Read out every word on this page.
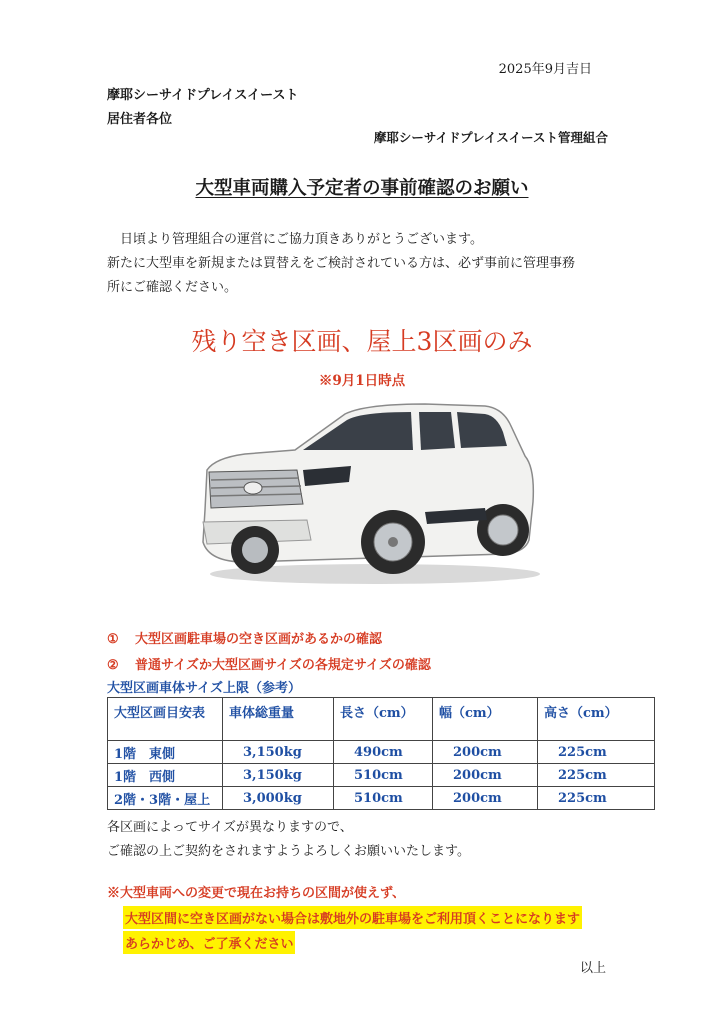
2025年9月吉日
摩耶シーサイドプレイスイースト
居住者各位
摩耶シーサイドプレイスイースト管理組合
大型車両購入予定者の事前確認のお願い

日頃より管理組合の運営にご協力頂きありがとうございます。

新たに大型車を新規または買替えをご検討されている方は、必ず事前に管理事務

所にご確認ください。

残り空き区画、屋上3区画のみ
※9月1日時点
① 大型区画駐車場の空き区画があるかの確認
② 普通サイズか大型区画サイズの各規定サイズの確認
大型区画車体サイズ上限（参考）
大型区画目安表	車体総重量	長さ（cm）	幅（cm）	高さ（cm）
1階　東側	3,150kg	490cm	200cm	225cm
1階　西側	3,150kg	510cm	200cm	225cm
2階・3階・屋上	3,000kg	510cm	200cm	225cm

各区画によってサイズが異なりますので、

ご確認の上ご契約をされますようよろしくお願いいたします。

※大型車両への変更で現在お持ちの区間が使えず、
大型区間に空き区画がない場合は敷地外の駐車場をご利用頂くことになります
あらかじめ、ご了承ください
以上
